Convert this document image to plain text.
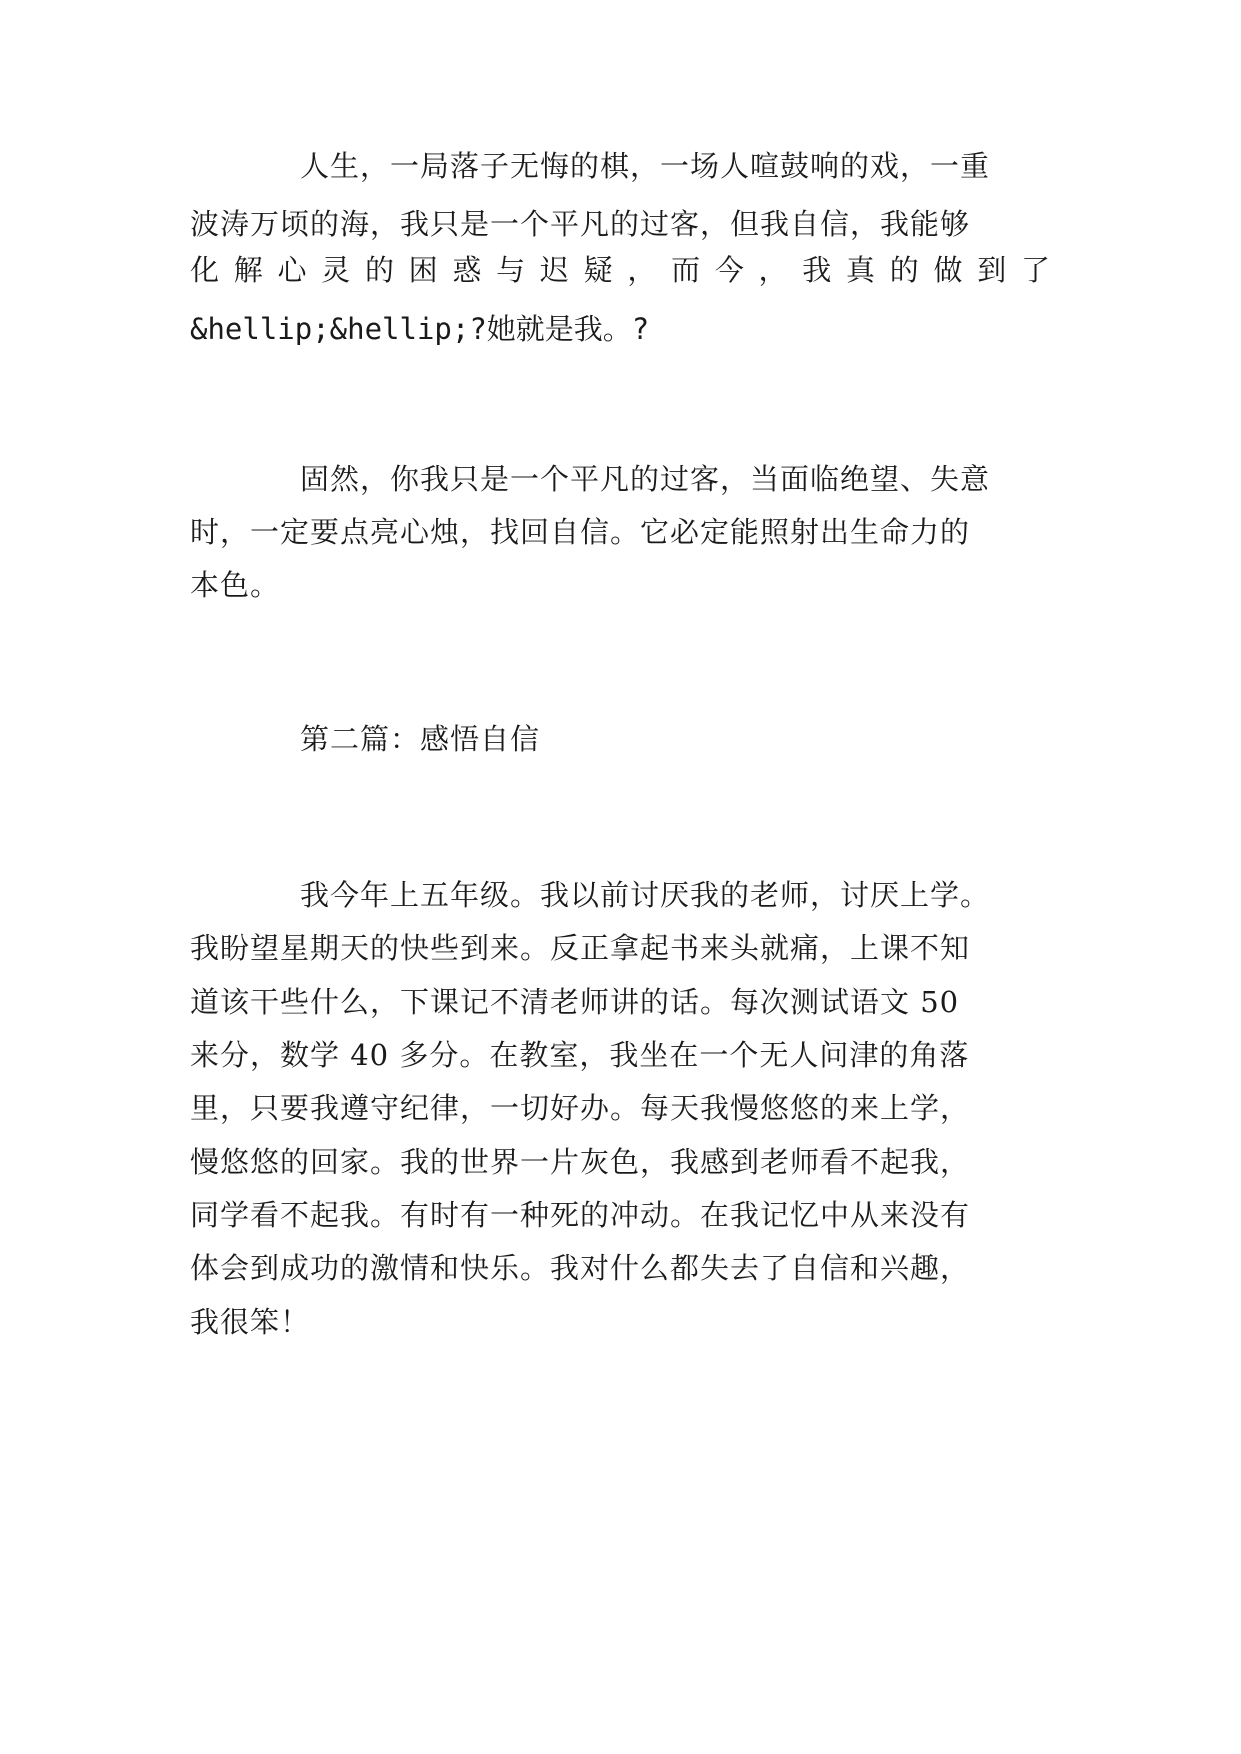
人生，一局落子无悔的棋，一场人喧鼓响的戏，一重
波涛万顷的海，我只是一个平凡的过客，但我自信，我能够
化 解 心 灵 的 困 惑 与 迟 疑 ， 而 今 ， 我 真 的 做 到 了
&hellip;&hellip;?她就是我。?
固然，你我只是一个平凡的过客，当面临绝望、失意
时，一定要点亮心烛，找回自信。它必定能照射出生命力的
本色。
第二篇：感悟自信
我今年上五年级。我以前讨厌我的老师，讨厌上学。
我盼望星期天的快些到来。反正拿起书来头就痛，上课不知
道该干些什么，下课记不清老师讲的话。每次测试语文 50
来分，数学 40 多分。在教室，我坐在一个无人问津的角落
里，只要我遵守纪律，一切好办。每天我慢悠悠的来上学，
慢悠悠的回家。我的世界一片灰色，我感到老师看不起我，
同学看不起我。有时有一种死的冲动。在我记忆中从来没有
体会到成功的激情和快乐。我对什么都失去了自信和兴趣，
我很笨！
